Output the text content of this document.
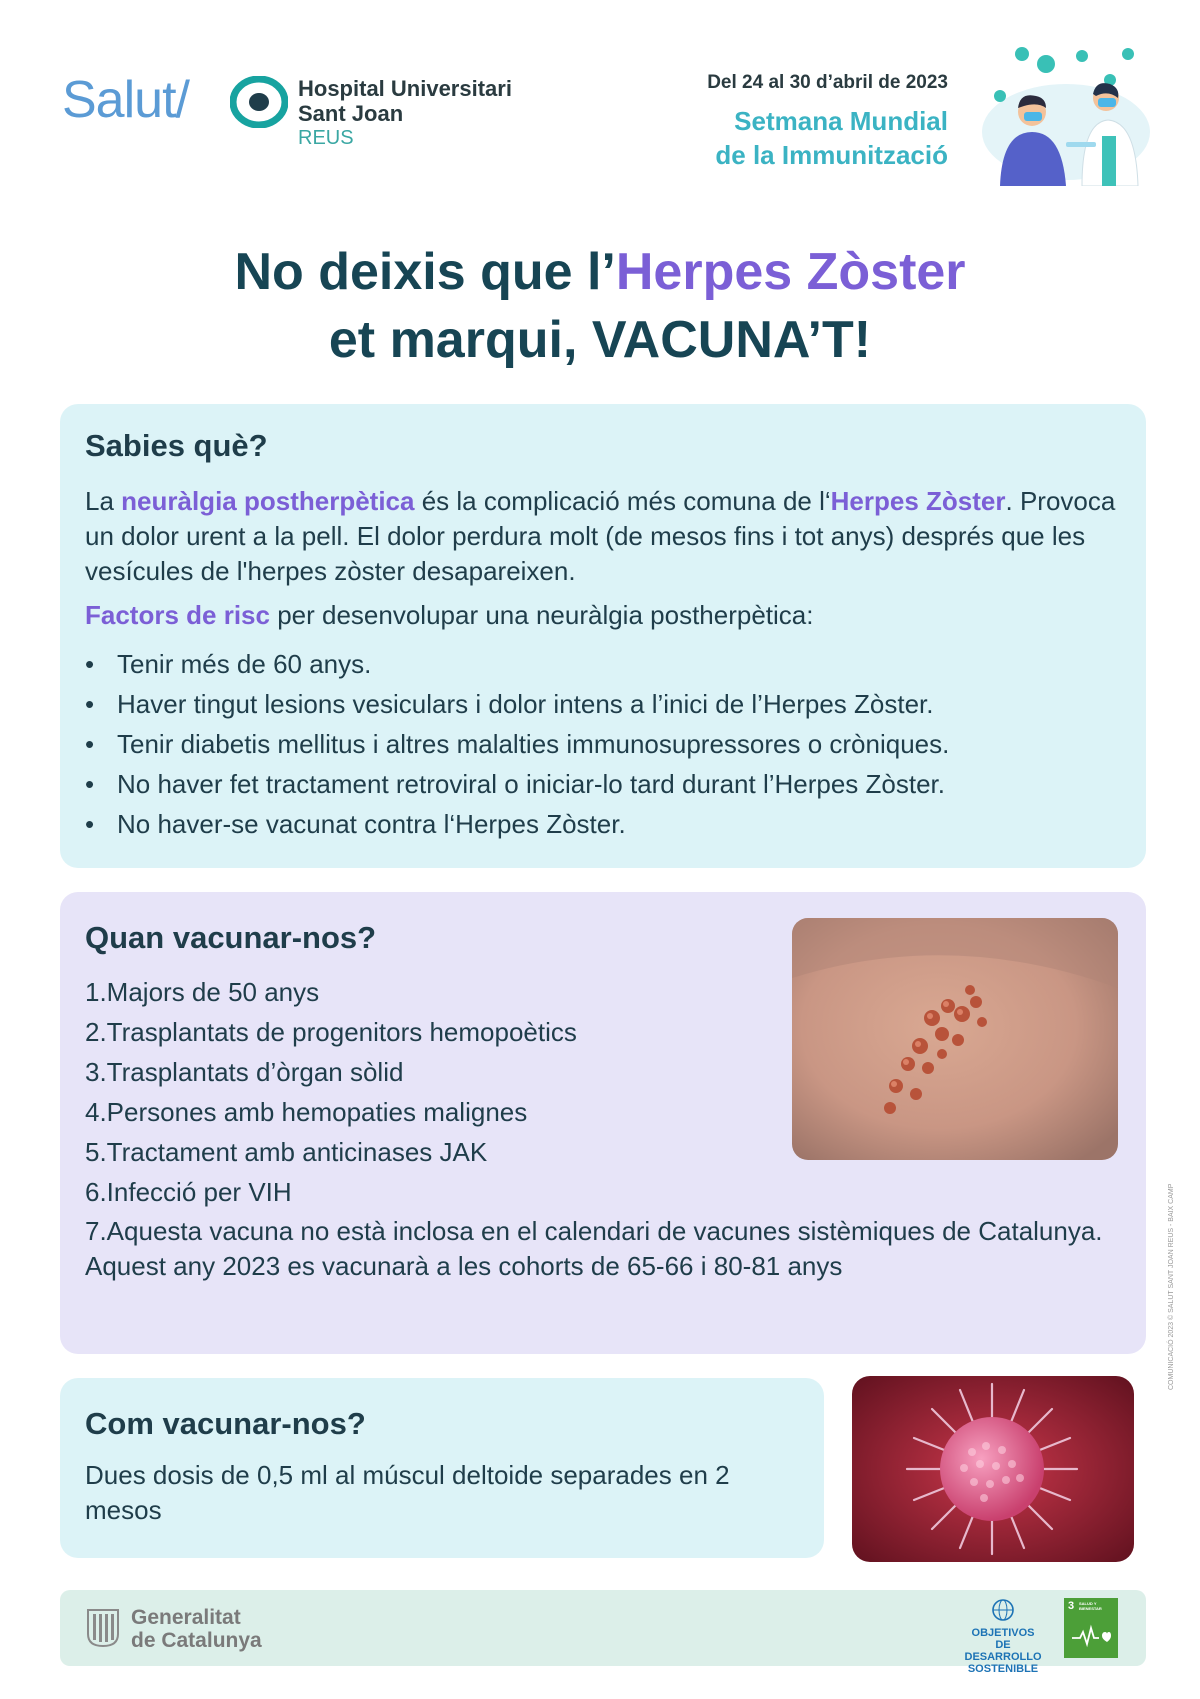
Salut/	Hospital Universitari
Sant Joan
REUS
Del 24 al 30 d’abril de 2023
Setmana Mundial
de la Immunització
No deixis que l’Herpes Zòster
et marqui, VACUNA’T!
Sabies què?
La neuràlgia postherpètica és la complicació més comuna de l‘Herpes Zòster. Provoca un dolor urent a la pell. El dolor perdura molt (de mesos fins i tot anys) després que les vesícules de l'herpes zòster desapareixen.
Factors de risc per desenvolupar una neuràlgia postherpètica:
• Tenir més de 60 anys.
• Haver tingut lesions vesiculars i dolor intens a l’inici de l’Herpes Zòster.
• Tenir diabetis mellitus i altres malalties immunosupressores o cròniques.
• No haver fet tractament retroviral o iniciar-lo tard durant l’Herpes Zòster.
• No haver-se vacunat contra l‘Herpes Zòster.
Quan vacunar-nos?
1.Majors de 50 anys
2.Trasplantats de progenitors hemopoètics
3.Trasplantats d’òrgan sòlid
4.Persones amb hemopaties malignes
5.Tractament amb anticinases JAK
6.Infecció per VIH
7.Aquesta vacuna no està inclosa en el calendari de vacunes sistèmiques de Catalunya. Aquest any 2023 es vacunarà a les cohorts de 65-66 i 80-81 anys
Com vacunar-nos?
Dues dosis de 0,5 ml al múscul deltoide separades en 2 mesos
Generalitat
de Catalunya	OBJETIVOS
DE DESARROLLO
SOSTENIBLE
3 SALUD Y BIENESTAR
COMUNICACIÓ 2023 © SALUT SANT JOAN REUS - BAIX CAMP
